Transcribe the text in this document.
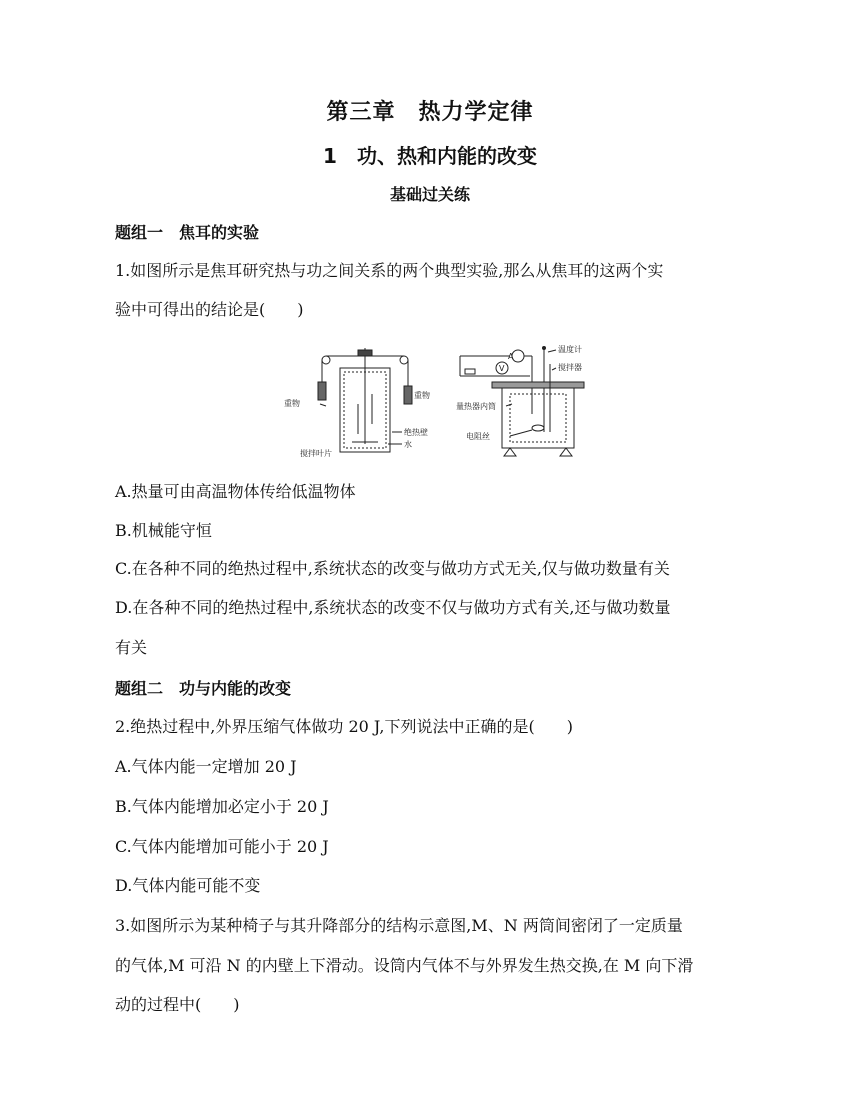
第三章　热力学定律
1　功、热和内能的改变
基础过关练
题组一　焦耳的实验
1.如图所示是焦耳研究热与功之间关系的两个典型实验,那么从焦耳的这两个实
验中可得出的结论是(　　)
重物
重物
绝热壁
水
搅拌叶片
A
V
温度计
搅拌器
量热器内筒
电阻丝
A.热量可由高温物体传给低温物体
B.机械能守恒
C.在各种不同的绝热过程中,系统状态的改变与做功方式无关,仅与做功数量有关
D.在各种不同的绝热过程中,系统状态的改变不仅与做功方式有关,还与做功数量
有关
题组二　功与内能的改变
2.绝热过程中,外界压缩气体做功 20 J,下列说法中正确的是(　　)
A.气体内能一定增加 20 J
B.气体内能增加必定小于 20 J
C.气体内能增加可能小于 20 J
D.气体内能可能不变
3.如图所示为某种椅子与其升降部分的结构示意图,M、N 两筒间密闭了一定质量
的气体,M 可沿 N 的内壁上下滑动。设筒内气体不与外界发生热交换,在 M 向下滑
动的过程中(　　)
